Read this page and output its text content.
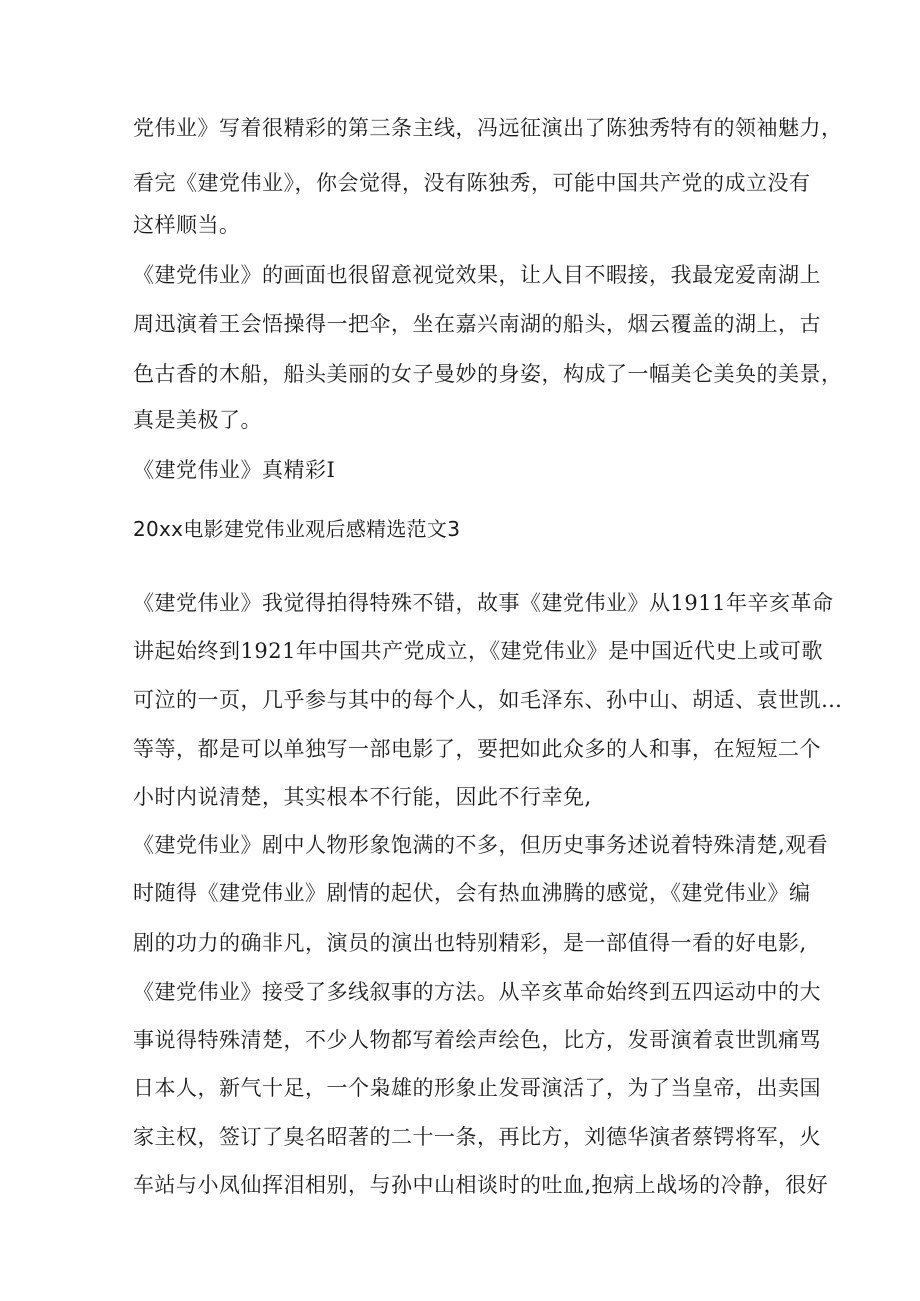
党伟业》写着很精彩的第三条主线，冯远征演出了陈独秀特有的领袖魅力，
看完《建党伟业》，你会觉得，没有陈独秀，可能中国共产党的成立没有
这样顺当。
《建党伟业》的画面也很留意视觉效果，让人目不暇接，我最宠爱南湖上
周迅演着王会悟操得一把伞，坐在嘉兴南湖的船头，烟云覆盖的湖上，古
色古香的木船，船头美丽的女子曼妙的身姿，构成了一幅美仑美奂的美景，
真是美极了。
《建党伟业》真精彩I
20xx电影建党伟业观后感精选范文3
《建党伟业》我觉得拍得特殊不错，故事《建党伟业》从1911年辛亥革命
讲起始终到1921年中国共产党成立，《建党伟业》是中国近代史上或可歌
可泣的一页，几乎参与其中的每个人，如毛泽东、孙中山、胡适、袁世凯…
等等，都是可以单独写一部电影了，要把如此众多的人和事，在短短二个
小时内说清楚，其实根本不行能，因此不行幸免,
《建党伟业》剧中人物形象饱满的不多，但历史事务述说着特殊清楚,观看
时随得《建党伟业》剧情的起伏，会有热血沸腾的感觉，《建党伟业》编
剧的功力的确非凡，演员的演出也特别精彩，是一部值得一看的好电影,
《建党伟业》接受了多线叙事的方法。从辛亥革命始终到五四运动中的大
事说得特殊清楚，不少人物都写着绘声绘色，比方，发哥演着袁世凯痛骂
日本人，新气十足，一个枭雄的形象止发哥演活了，为了当皇帝，出卖国
家主权，签订了臭名昭著的二十一条，再比方，刘德华演者蔡锷将军，火
车站与小凤仙挥泪相别，与孙中山相谈时的吐血,抱病上战场的冷静，很好
